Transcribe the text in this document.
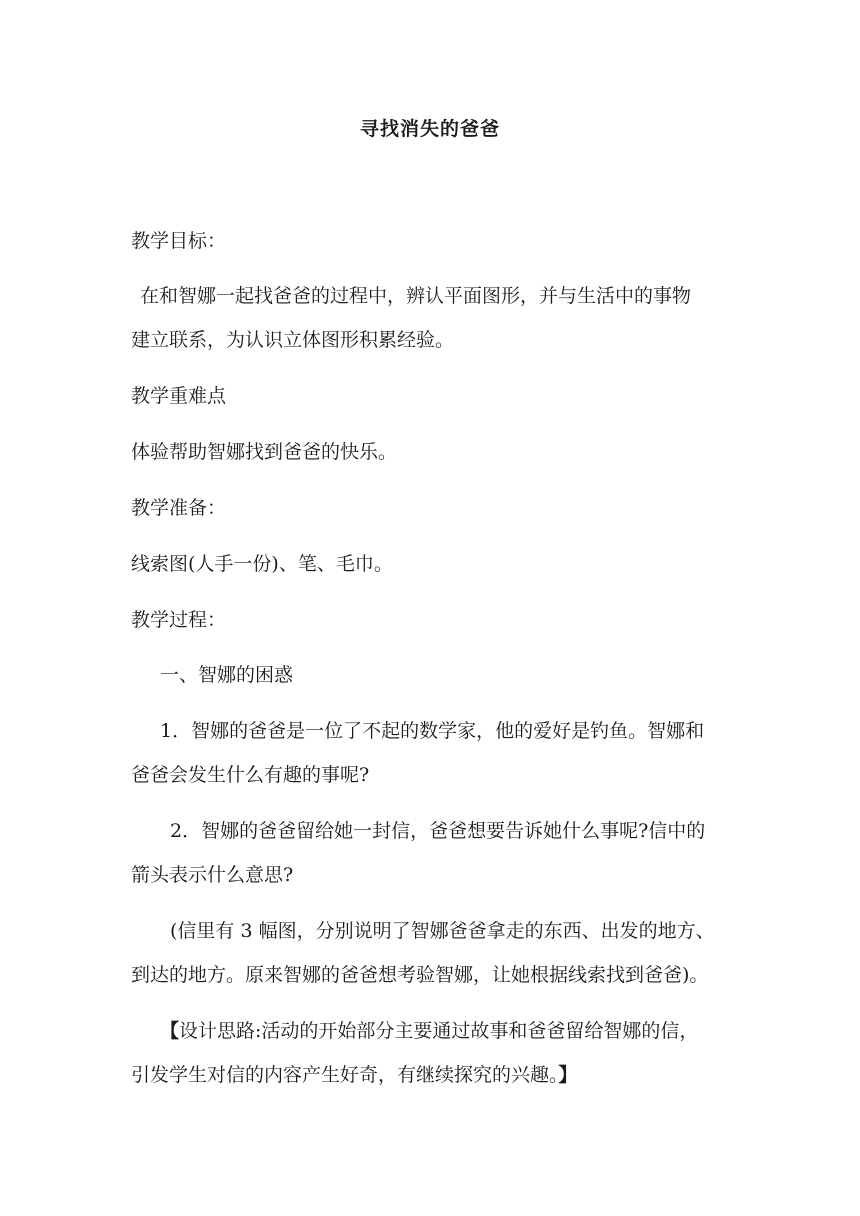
寻找消失的爸爸
教学目标：
在和智娜一起找爸爸的过程中，辨认平面图形，并与生活中的事物
建立联系，为认识立体图形积累经验。
教学重难点
体验帮助智娜找到爸爸的快乐。
教学准备：
线索图(人手一份)、笔、毛巾。
教学过程：
一、智娜的困惑
1．智娜的爸爸是一位了不起的数学家，他的爱好是钓鱼。智娜和
爸爸会发生什么有趣的事呢?
2．智娜的爸爸留给她一封信，爸爸想要告诉她什么事呢?信中的
箭头表示什么意思?
(信里有 3 幅图，分别说明了智娜爸爸拿走的东西、出发的地方、
到达的地方。原来智娜的爸爸想考验智娜，让她根据线索找到爸爸)。
【设计思路:活动的开始部分主要通过故事和爸爸留给智娜的信，
引发学生对信的内容产生好奇，有继续探究的兴趣。】
